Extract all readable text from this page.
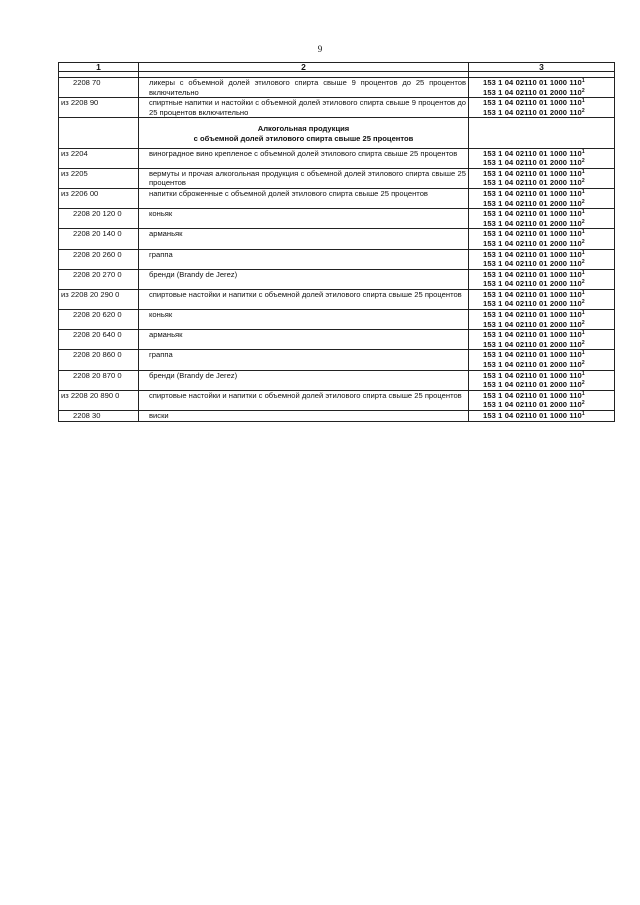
9
1	2	3

2208 70	ликеры с объемной долей этилового спирта свыше 9 процентов до 25 процентов включительно	153 1 04 02110 01 1000 $110^1$
153 1 04 02110 01 2000 $110^2$

из 2208 90	спиртные напитки и настойки с объемной долей этилового спирта свыше 9 процентов до 25 процентов включительно	153 1 04 02110 01 1000 $110^1$
153 1 04 02110 01 2000 $110^2$

	Алкогольная продукция
с объемной долей этилового спирта свыше 25 процентов	

из 2204	виноградное вино крепленое с объемной долей этилового спирта свыше 25 процентов	153 1 04 02110 01 1000 $110^1$
153 1 04 02110 01 2000 $110^2$

из 2205	вермуты и прочая алкогольная продукция с объемной долей этилового спирта свыше 25 процентов	153 1 04 02110 01 1000 $110^1$
153 1 04 02110 01 2000 $110^2$

из 2206 00	напитки сброженные с объемной долей этилового спирта свыше 25 процентов	153 1 04 02110 01 1000 $110^1$
153 1 04 02110 01 2000 $110^2$

2208 20 120 0	коньяк	153 1 04 02110 01 1000 $110^1$
153 1 04 02110 01 2000 $110^2$

2208 20 140 0	арманьяк	153 1 04 02110 01 1000 $110^1$
153 1 04 02110 01 2000 $110^2$

2208 20 260 0	граппа	153 1 04 02110 01 1000 $110^1$
153 1 04 02110 01 2000 $110^2$

2208 20 270 0	бренди (Brandy de Jerez)	153 1 04 02110 01 1000 $110^1$
153 1 04 02110 01 2000 $110^2$

из 2208 20 290 0	спиртовые настойки и напитки с объемной долей этилового спирта свыше 25 процентов	153 1 04 02110 01 1000 $110^1$
153 1 04 02110 01 2000 $110^2$

2208 20 620 0	коньяк	153 1 04 02110 01 1000 $110^1$
153 1 04 02110 01 2000 $110^2$

2208 20 640 0	арманьяк	153 1 04 02110 01 1000 $110^1$
153 1 04 02110 01 2000 $110^2$

2208 20 860 0	граппа	153 1 04 02110 01 1000 $110^1$
153 1 04 02110 01 2000 $110^2$

2208 20 870 0	бренди (Brandy de Jerez)	153 1 04 02110 01 1000 $110^1$
153 1 04 02110 01 2000 $110^2$

из 2208 20 890 0	спиртовые настойки и напитки с объемной долей этилового спирта свыше 25 процентов	153 1 04 02110 01 1000 $110^1$
153 1 04 02110 01 2000 $110^2$

2208 30	виски	153 1 04 02110 01 1000 $110^1$
